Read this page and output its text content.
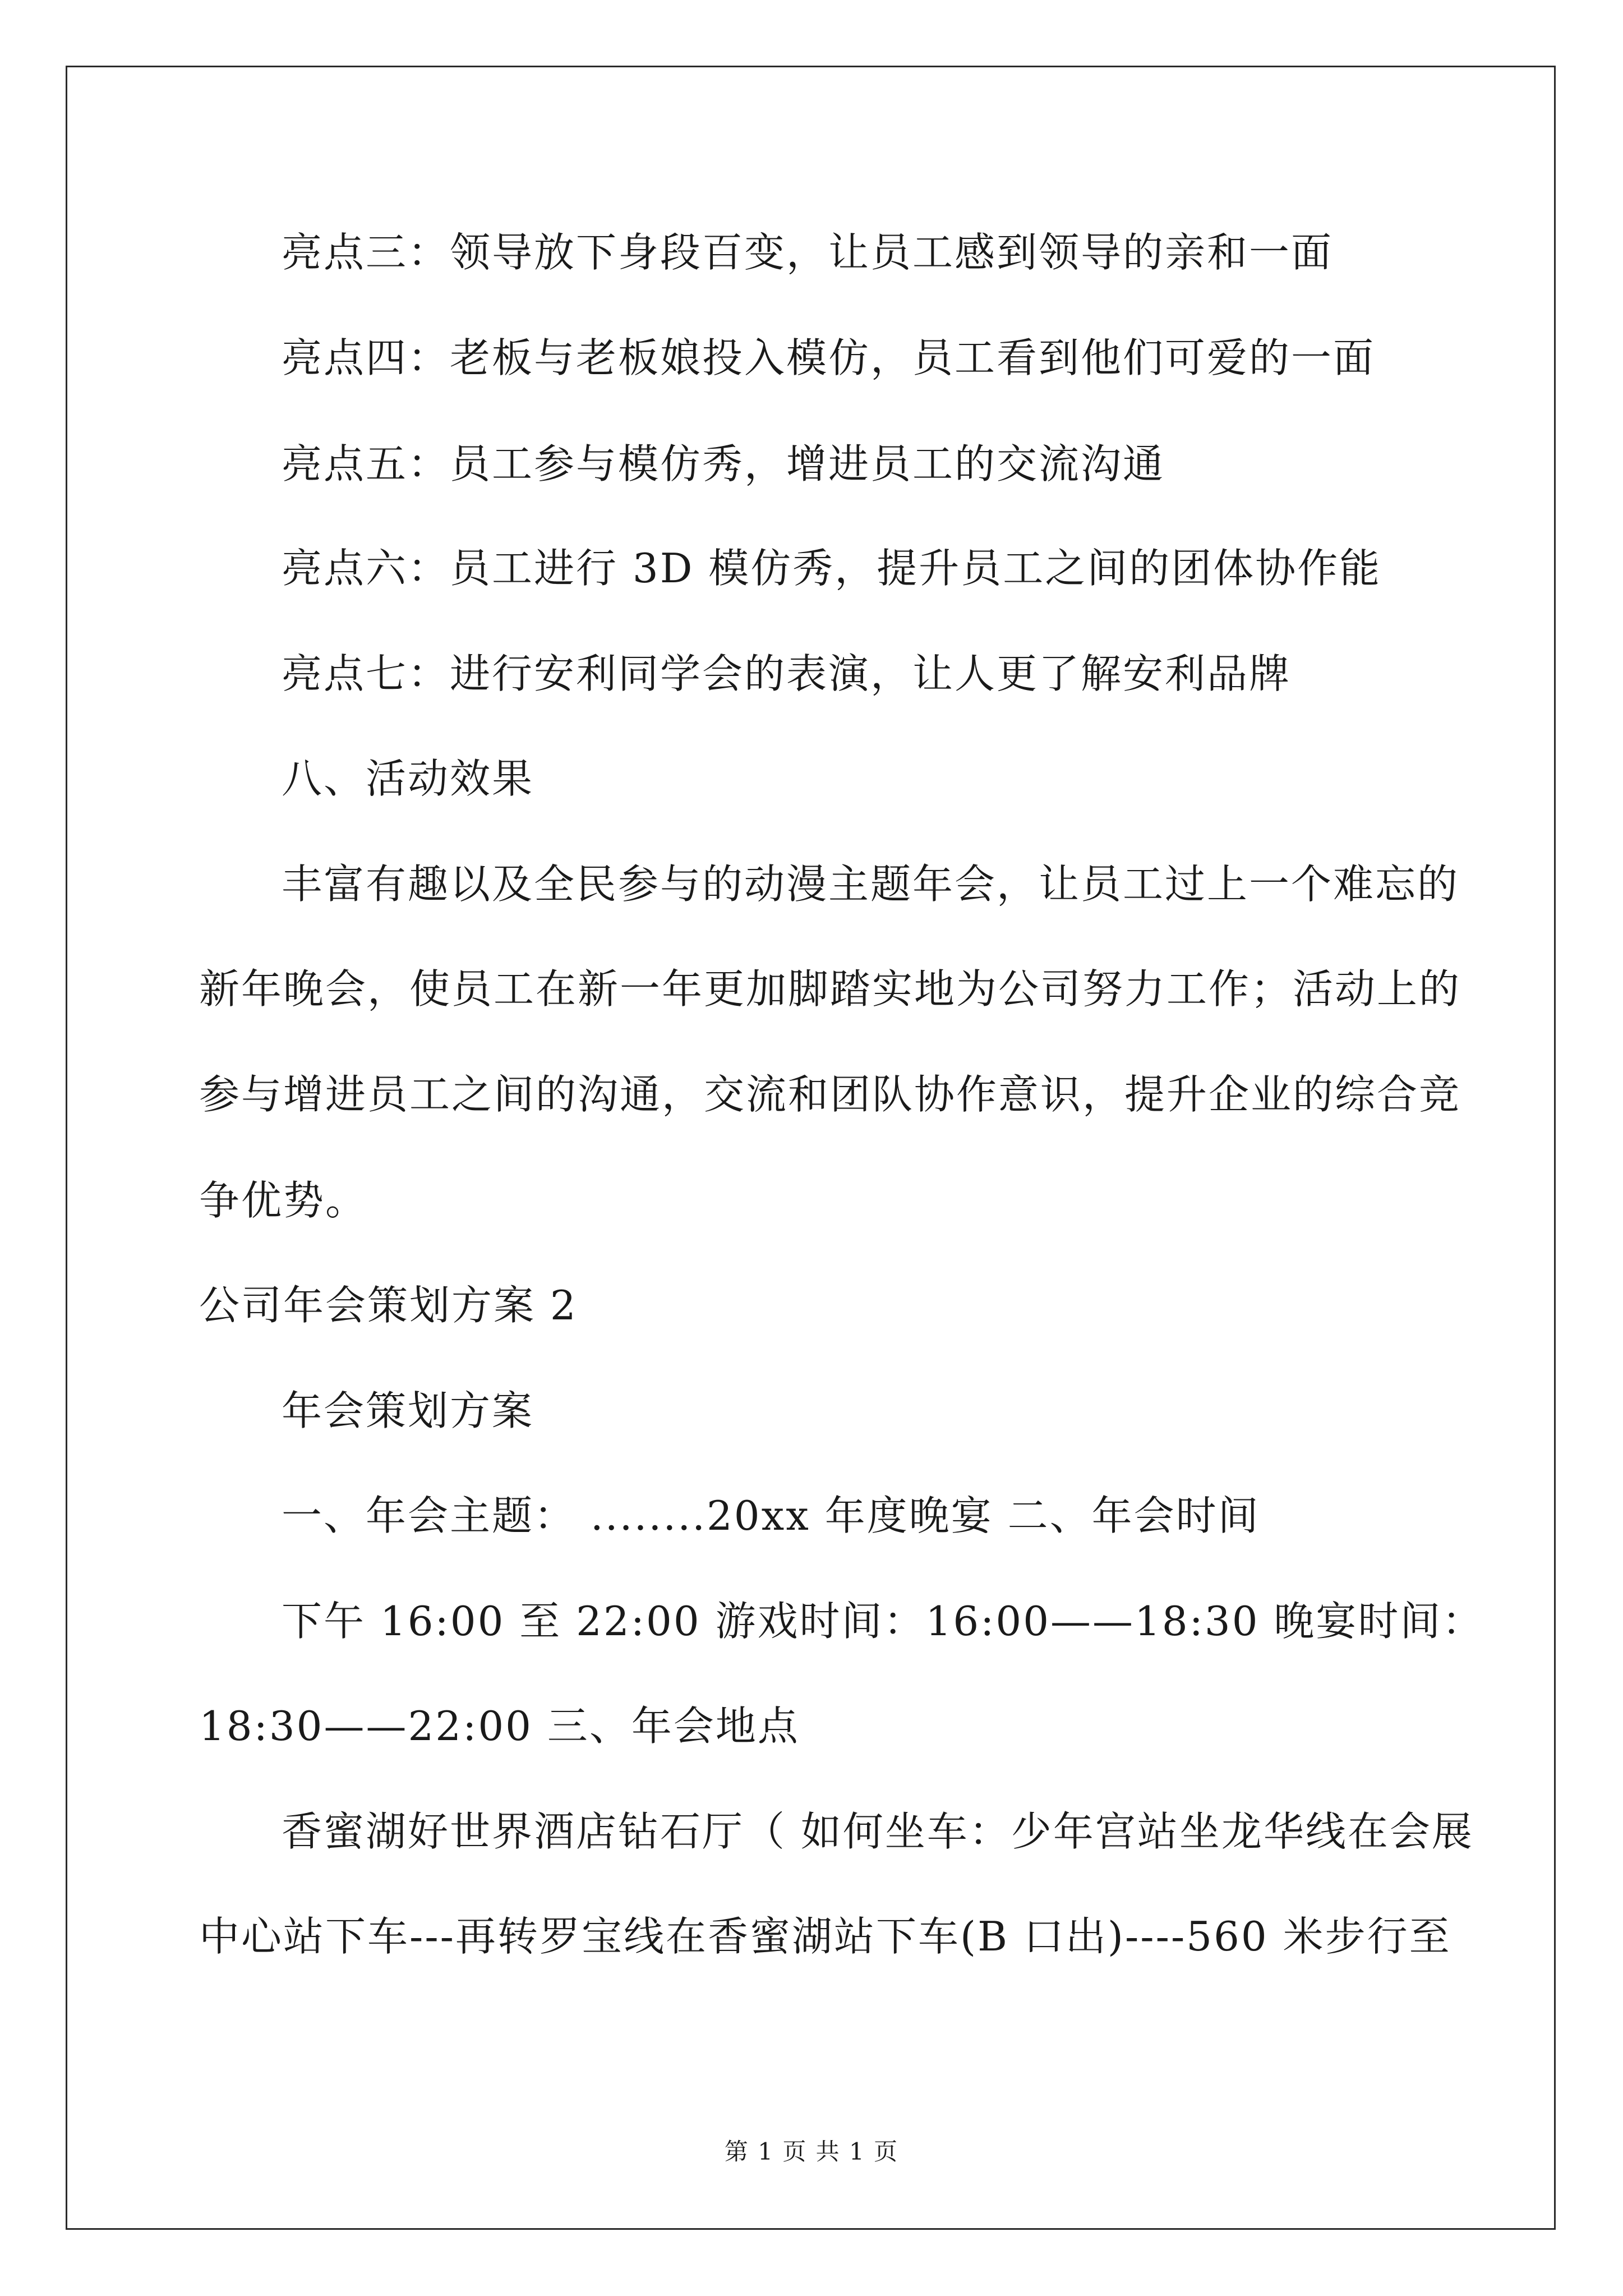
亮点三：领导放下身段百变，让员工感到领导的亲和一面
亮点四：老板与老板娘投入模仿，员工看到他们可爱的一面
亮点五：员工参与模仿秀，增进员工的交流沟通
亮点六：员工进行 3D 模仿秀，提升员工之间的团体协作能
亮点七：进行安利同学会的表演，让人更了解安利品牌
八、活动效果
丰富有趣以及全民参与的动漫主题年会，让员工过上一个难忘的
新年晚会，使员工在新一年更加脚踏实地为公司努力工作；活动上的
参与增进员工之间的沟通，交流和团队协作意识，提升企业的综合竞
争优势。
公司年会策划方案 2
年会策划方案
一、年会主题： ........20xx 年度晚宴 二、年会时间
下午 16:00 至 22:00 游戏时间：16:00——18:30 晚宴时间：
18:30——22:00 三、年会地点
香蜜湖好世界酒店钻石厅（ 如何坐车：少年宫站坐龙华线在会展
中心站下车---再转罗宝线在香蜜湖站下车(B 口出)----560 米步行至
第 1 页 共 1 页
